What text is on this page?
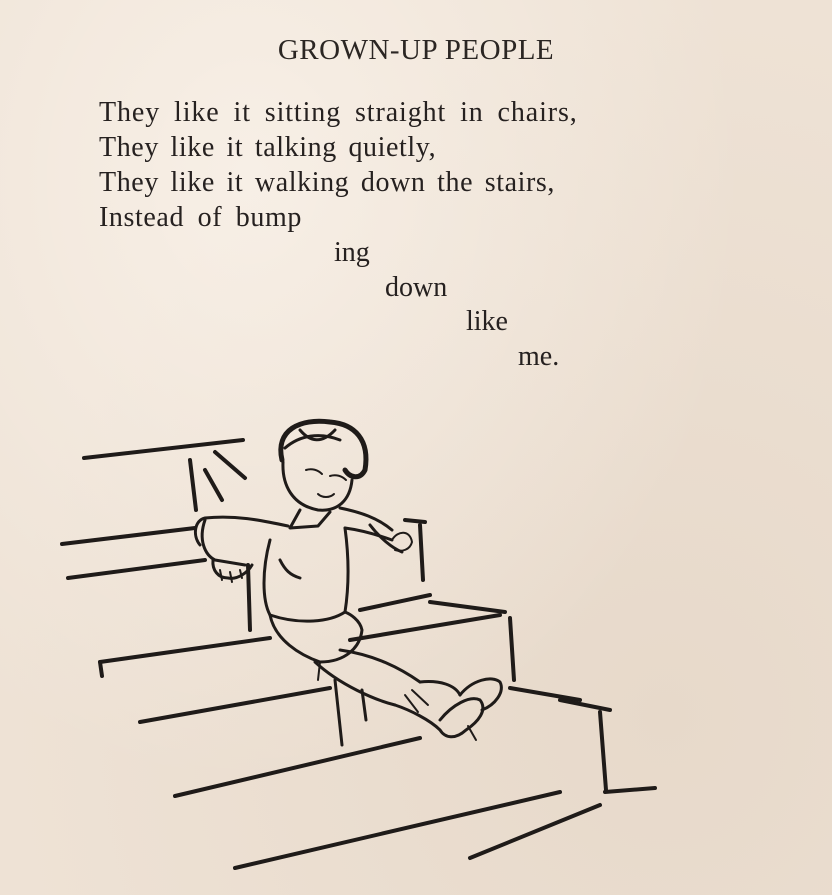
GROWN-UP PEOPLE
They like it sitting straight in chairs,
They like it talking quietly,
They like it walking down the stairs,
Instead of bump
ing
down
like
me.
